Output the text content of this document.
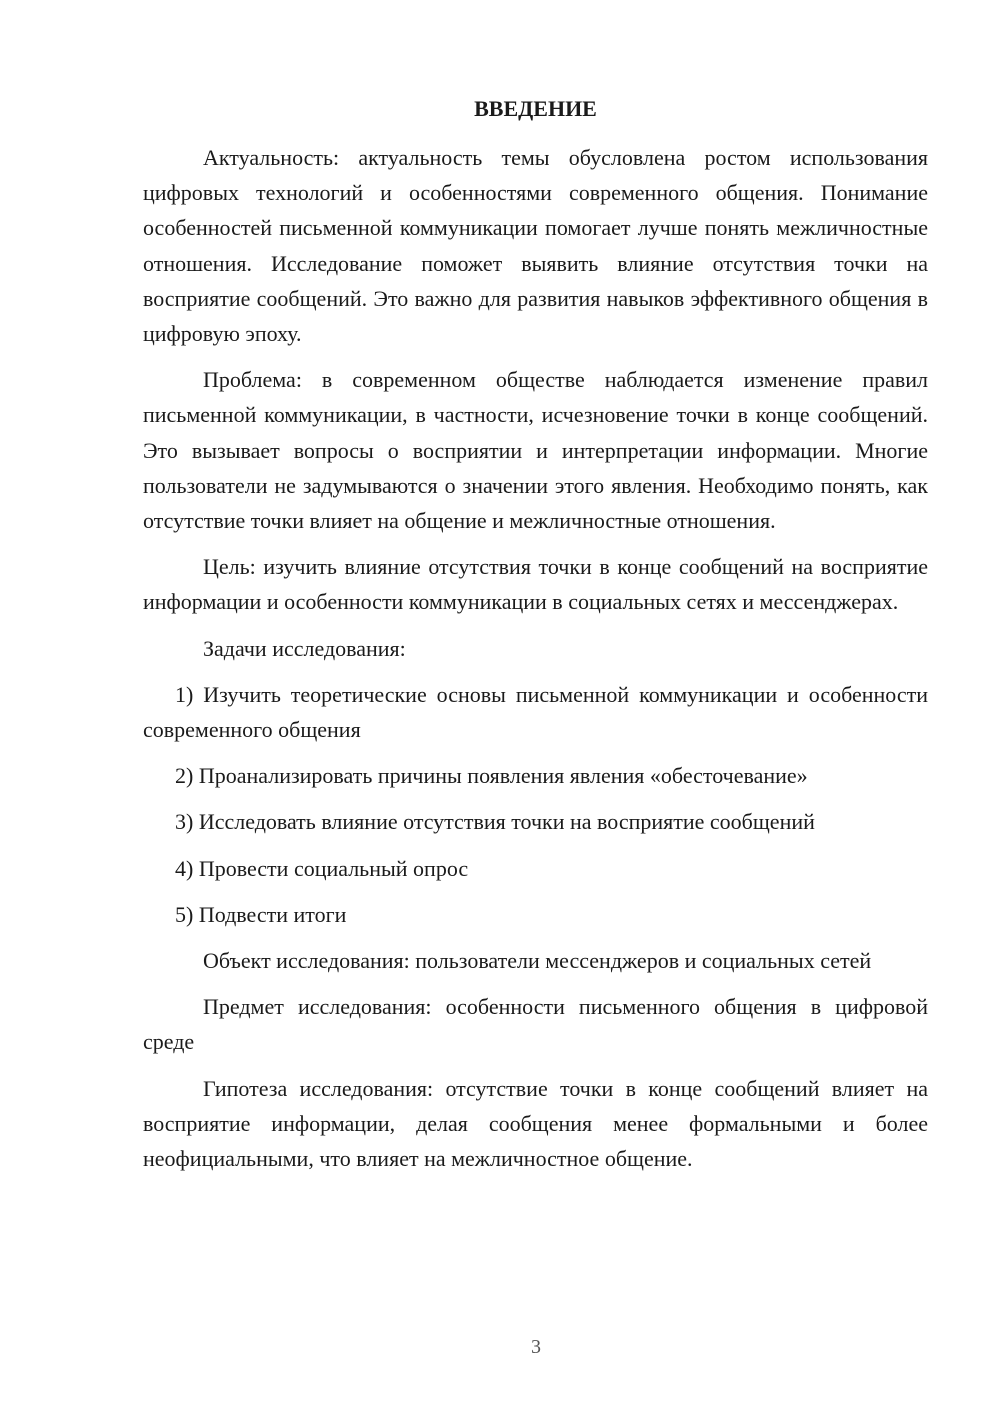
ВВЕДЕНИЕ

Актуальность: актуальность темы обусловлена ростом использования цифровых технологий и особенностями современного общения. Понимание особенностей письменной коммуникации помогает лучше понять межличностные отношения. Исследование поможет выявить влияние отсутствия точки на восприятие сообщений. Это важно для развития навыков эффективного общения в цифровую эпоху.

Проблема: в современном обществе наблюдается изменение правил письменной коммуникации, в частности, исчезновение точки в конце сообщений. Это вызывает вопросы о восприятии и интерпретации информации. Многие пользователи не задумываются о значении этого явления. Необходимо понять, как отсутствие точки влияет на общение и межличностные отношения.

Цель: изучить влияние отсутствия точки в конце сообщений на восприятие информации и особенности коммуникации в социальных сетях и мессенджерах.

Задачи исследования:

1) Изучить теоретические основы письменной коммуникации и особенности современного общения

2) Проанализировать причины появления явления «обесточевание»

3) Исследовать влияние отсутствия точки на восприятие сообщений

4) Провести социальный опрос

5) Подвести итоги

Объект исследования: пользователи мессенджеров и социальных сетей

Предмет исследования: особенности письменного общения в цифровой среде

Гипотеза исследования: отсутствие точки в конце сообщений влияет на восприятие информации, делая сообщения менее формальными и более неофициальными, что влияет на межличностное общение.

3
